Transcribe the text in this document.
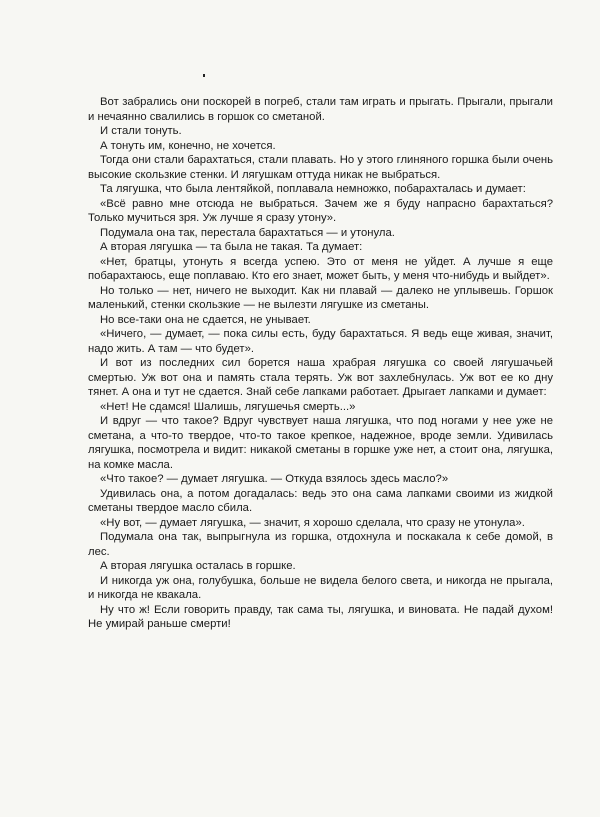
Вот забрались они поскорей в погреб, стали там играть и прыгать. Прыгали, прыгали и нечаянно свалились в горшок со сметаной.

И стали тонуть.

А тонуть им, конечно, не хочется.

Тогда они стали барахтаться, стали плавать. Но у этого глиняного горшка были очень высокие скользкие стенки. И лягушкам оттуда никак не выбраться.

Та лягушка, что была лентяйкой, поплавала немножко, побарахталась и думает:

«Всё равно мне отсюда не выбраться. Зачем же я буду напрасно барахтаться? Только мучиться зря. Уж лучше я сразу утону».

Подумала она так, перестала барахтаться — и утонула.

А вторая лягушка — та была не такая. Та думает:

«Нет, братцы, утонуть я всегда успею. Это от меня не уйдет. А лучше я еще побарахтаюсь, еще поплаваю. Кто его знает, может быть, у меня что-нибудь и выйдет».

Но только — нет, ничего не выходит. Как ни плавай — далеко не уплывешь. Горшок маленький, стенки скользкие — не вылезти лягушке из сметаны.

Но все-таки она не сдается, не унывает.

«Ничего, — думает, — пока силы есть, буду барахтаться. Я ведь еще живая, значит, надо жить. А там — что будет».

И вот из последних сил борется наша храбрая лягушка со своей лягушачьей смертью. Уж вот она и память стала терять. Уж вот захлебнулась. Уж вот ее ко дну тянет. А она и тут не сдается. Знай себе лапками работает. Дрыгает лапками и думает:

«Нет! Не сдамся! Шалишь, лягушечья смерть...»

И вдруг — что такое? Вдруг чувствует наша лягушка, что под ногами у нее уже не сметана, а что-то твердое, что-то такое крепкое, надежное, вроде земли. Удивилась лягушка, посмотрела и видит: никакой сметаны в горшке уже нет, а стоит она, лягушка, на комке масла.

«Что такое? — думает лягушка. — Откуда взялось здесь масло?»

Удивилась она, а потом догадалась: ведь это она сама лапками своими из жидкой сметаны твердое масло сбила.

«Ну вот, — думает лягушка, — значит, я хорошо сделала, что сразу не утонула».

Подумала она так, выпрыгнула из горшка, отдохнула и поскакала к себе домой, в лес.

А вторая лягушка осталась в горшке.

И никогда уж она, голубушка, больше не видела белого света, и никогда не прыгала, и никогда не квакала.

Ну что ж! Если говорить правду, так сама ты, лягушка, и виновата. Не падай духом! Не умирай раньше смерти!
